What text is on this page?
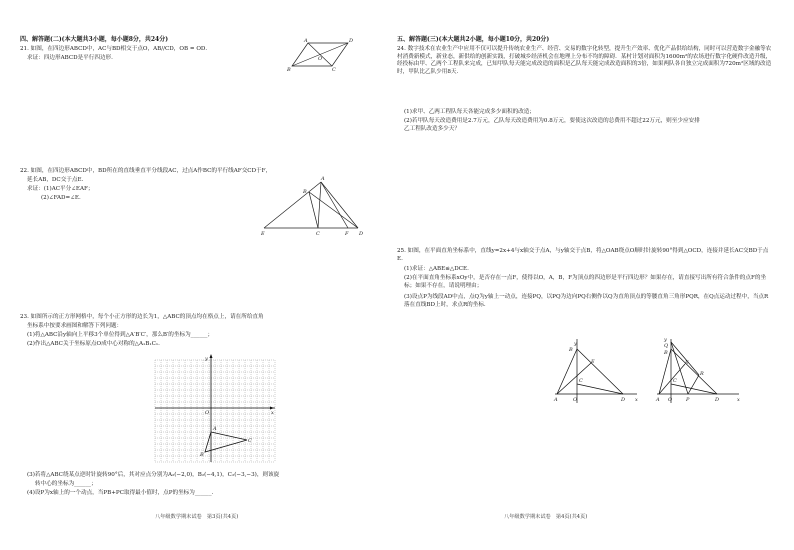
四、解答题(二)(本大题共3小题，每小题8分，共24分)
21. 如图，在四边形ABCD中，AC与BD相交于点O，AB//CD，OB = OD．
求证：四边形ABCD是平行四边形.
A	D
B	C
O
22. 如图，在四边形ABCD中，BD所在的直线垂直平分线段AC，过点A作BC的平行线AF交CD于F，
延长AB，DC交于点E.
求证：(1)AC平分∠EAF；
(2)∠FAD=∠E.
A
B
E	C	F D
23. 如图所示的正方形网格中，每个小正方形的边长为1，△ABC的顶点均在格点上，请在所给直角
坐标系中按要求画图和解答下列问题：
(1)将△ABC沿y轴向上平移3个单位得到△A′B′C′，那么B′的坐标为______；
(2)作出△ABC关于坐标原点O成中心对称的△A₁B₁C₁.
y
x
O
A
C
B
(3)若将△ABC绕某点逆时针旋转90°后，其对应点分别为A₂(−2,0)，B₂(−4,1)，C₂(−3,−3)，则该旋
转中心的坐标为______；
(4)设P为x轴上的一个动点，当PB+PC取得最小值时，点P的坐标为______.
八年级数学期末试卷　第3页(共4页)
五、解答题(三)(本大题共2小题，每小题10分，共20分)
24. 数字技术在农业生产中应用不仅可以提升传统农业生产、经营、交易的数字化转型，提升生产效率、优化产品供给结构，同时可以营造数字金融等农村消费新模式，新业态，新供给的创新实践，打破城乡经济机会在地理上分布不均的障碍．某村计划对面积为1600m²的农场进行数字化硬件改造升级，经投标由甲、乙两个工程队来完成，已知甲队每天能完成改造的面积是乙队每天能完成改造面积的3倍，如果两队各自独立完成面积为720m²区域的改造时，甲队比乙队少用8天.
(1)求甲、乙两工程队每天各能完成多少面积的改造；
(2)若甲队每天改造费用是2.7万元，乙队每天改造费用为0.8万元，要使这次改造的总费用不超过22万元，则至少应安排乙工程队改造多少天？
25. 如图，在平面直角坐标系中，直线y=2x+4与x轴交于点A，与y轴交于点B，将△OAB绕点O顺时针旋转90°得到△OCD，连接并延长AC交BD于点E.
(1)求证：△ABE≌△DCE.
(2)在平面直角坐标系xOy中，是否存在一点F，使得以O，A，B，F为顶点的四边形是平行四边形？如果存在，请直接写出所有符合条件的点F的坐标；如果不存在，请说明理由；
(3)设点P为线段AD中点，点Q为y轴上一动点，连接PQ，以PQ为边向PQ右侧作以Q为直角顶点的等腰直角三角形PQR，在Q点运动过程中，当点R落在直线BD上时，求点R的坐标.
y
B
E
C
A	O	D x
y
Q
B
E
R
C
A O	P	D	x
八年级数学期末试卷　第4页(共4页)
